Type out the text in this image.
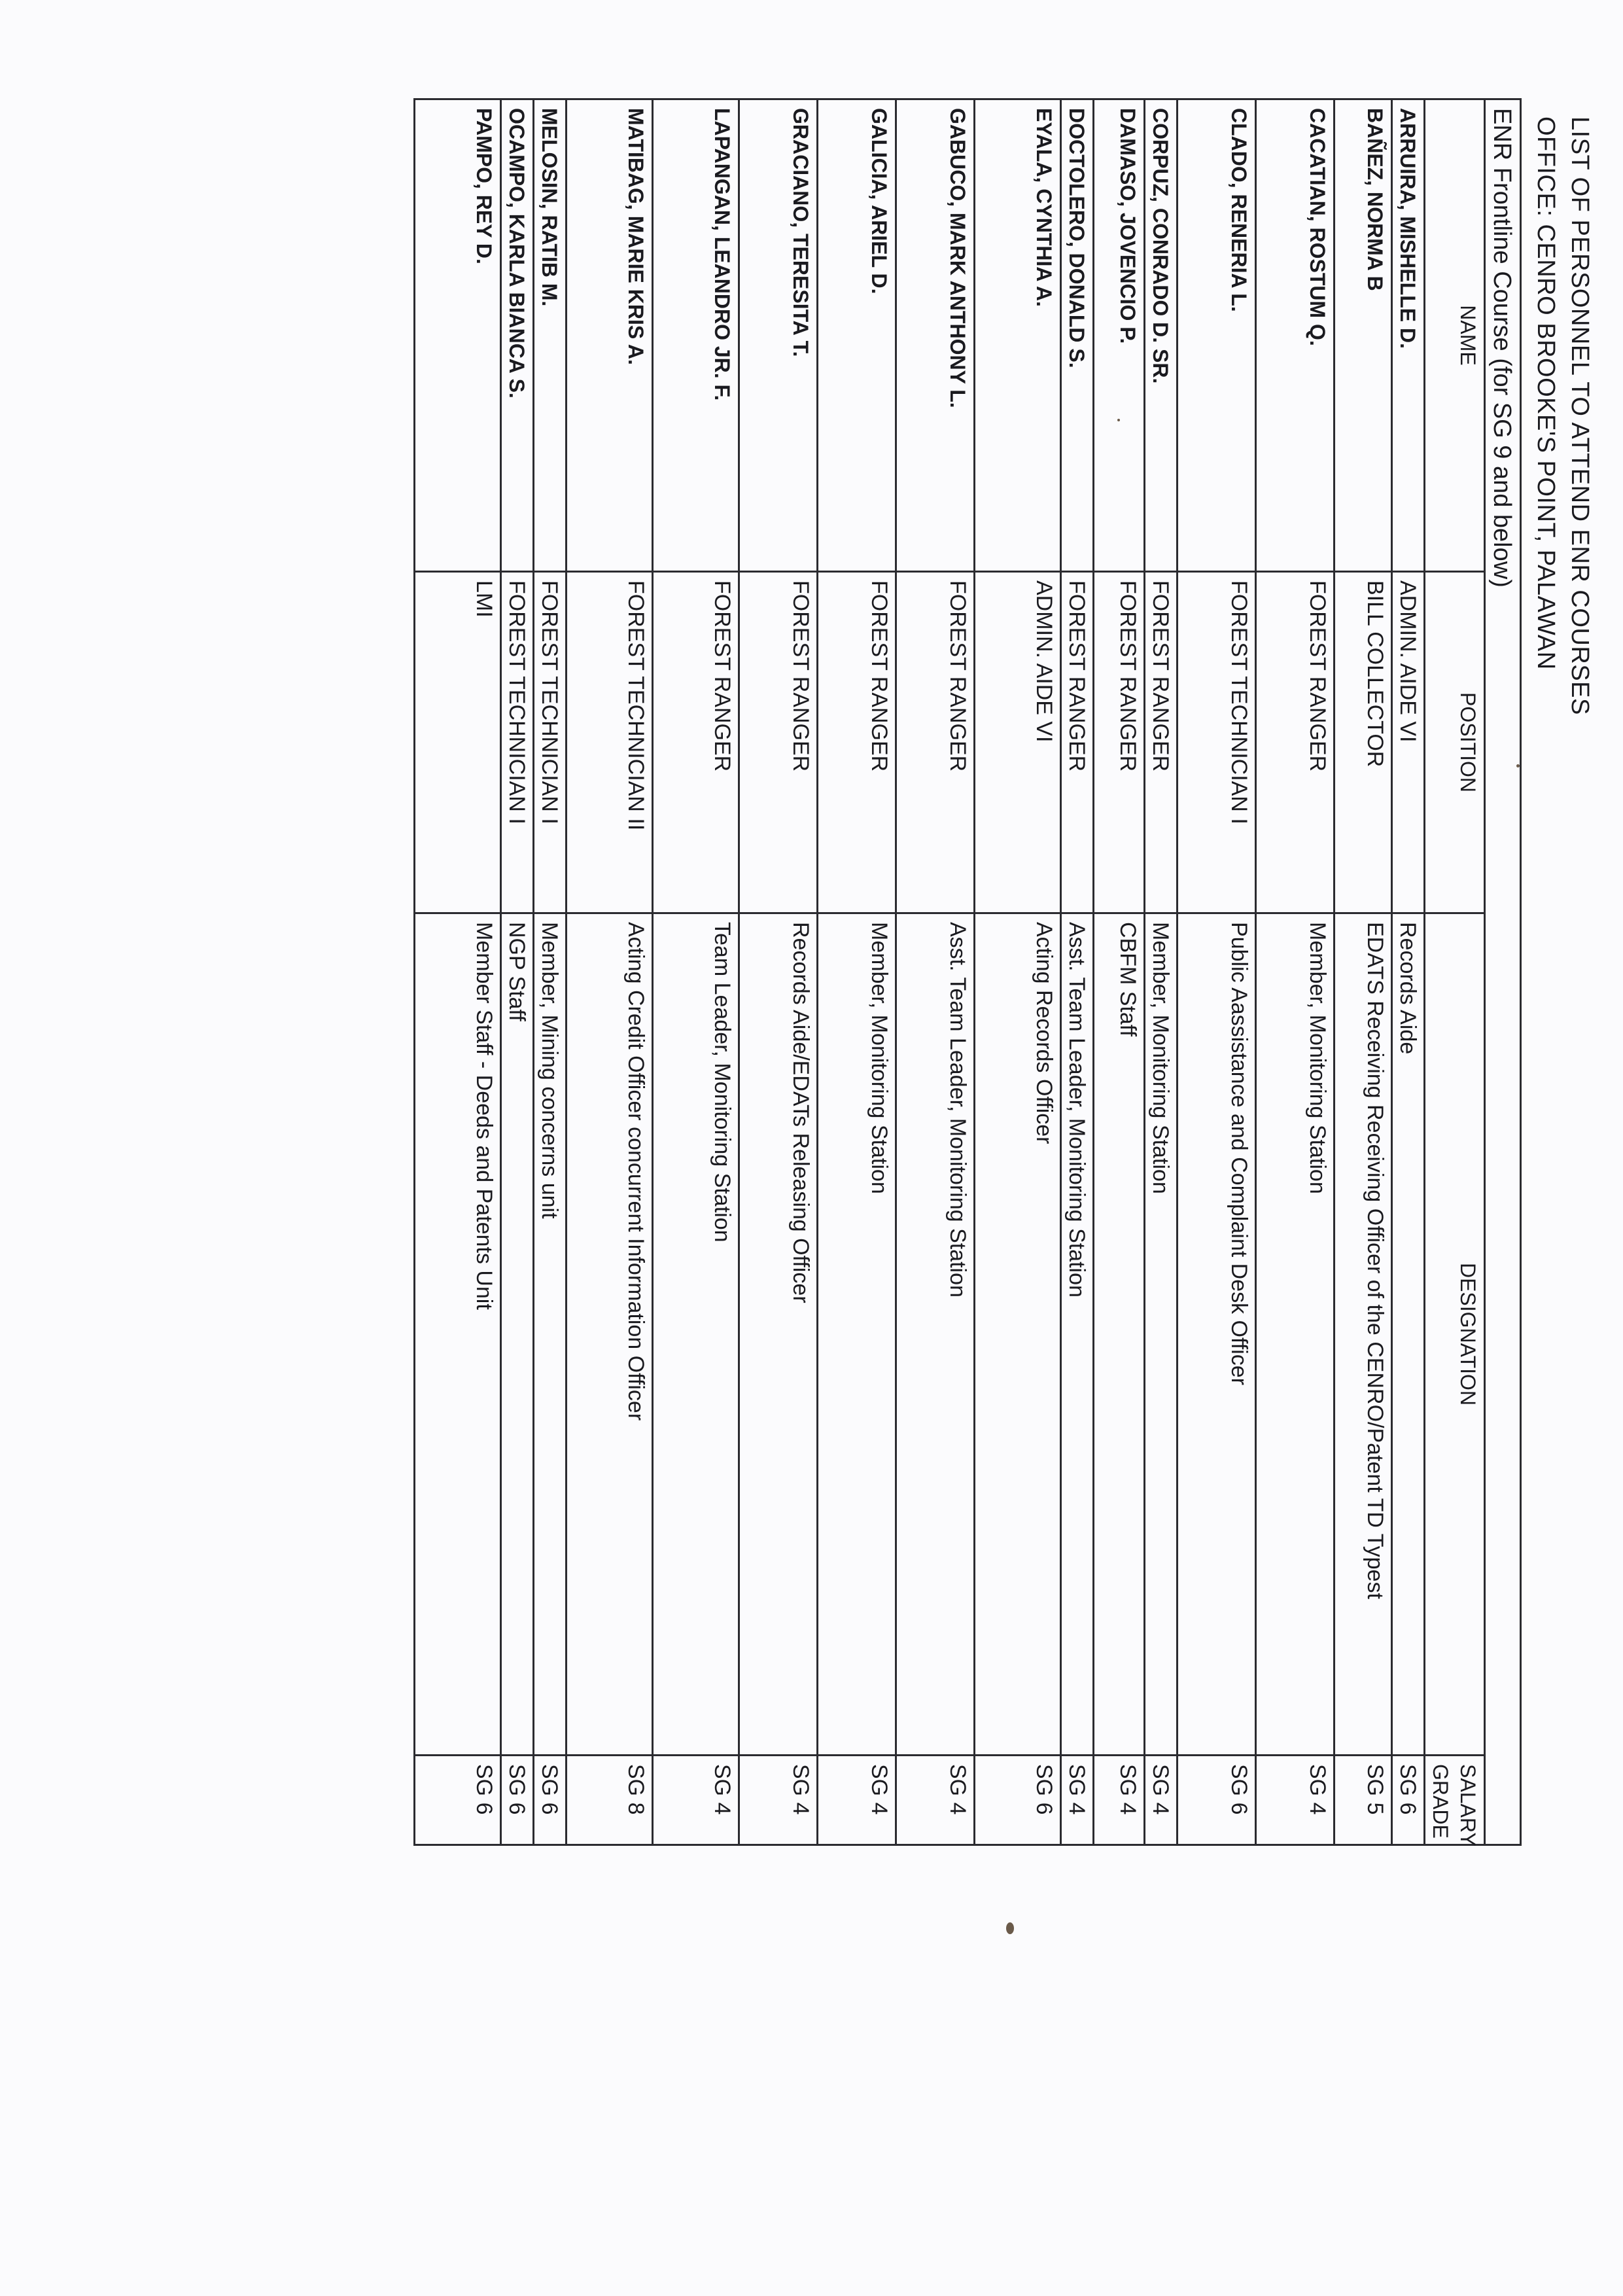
LIST OF PERSONNEL TO ATTEND ENR COURSES
OFFICE: CENRO BROOKE'S POINT, PALAWAN
ENR Frontline Course (for SG 9 and below)			
NAME	POSITION	DESIGNATION	SALARY GRADE
ARRUIRA, MISHELLE D.	ADMIN. AIDE VI	Records Aide	SG 6
BAÑEZ, NORMA B	BILL COLLECTOR	EDATS Receiving Receiving Officer of the CENRO/Patent TD Typest	SG 5
CACATIAN, ROSTUM Q.	FOREST RANGER	Member, Monitoring Station	SG 4
CLADO, RENERIA L.	FOREST TECHNICIAN I	Public Aassistance and Complaint Desk Officer	SG 6
CORPUZ, CONRADO D. SR.	FOREST RANGER	Member, Monitoring Station	SG 4
DAMASO, JOVENCIO P.	FOREST RANGER	CBFM Staff	SG 4
DOCTOLERO, DONALD S.	FOREST RANGER	Asst. Team Leader, Monitoring Station	SG 4
EYALA, CYNTHIA A.	ADMIN. AIDE VI	Acting Records Officer	SG 6
GABUCO, MARK ANTHONY L.	FOREST RANGER	Asst. Team Leader, Monitoring Station	SG 4
GALICIA, ARIEL D.	FOREST RANGER	Member, Monitoring Station	SG 4
GRACIANO, TERESITA T.	FOREST RANGER	Records Aide/EDATs Releasing Officer	SG 4
LAPANGAN, LEANDRO JR. F.	FOREST RANGER	Team Leader, Monitoring Station	SG 4
MATIBAG, MARIE KRIS A.	FOREST TECHNICIAN II	Acting Credit Officer concurrent Information Officer	SG 8
MELOSIN, RATIB M.	FOREST TECHNICIAN I	Member, Mining concerns unit	SG 6
OCAMPO, KARLA BIANCA S.	FOREST TECHNICIAN I	NGP Staff	SG 6
PAMPO, REY D.	LMI	Member Staff - Deeds and Patents Unit	SG 6
